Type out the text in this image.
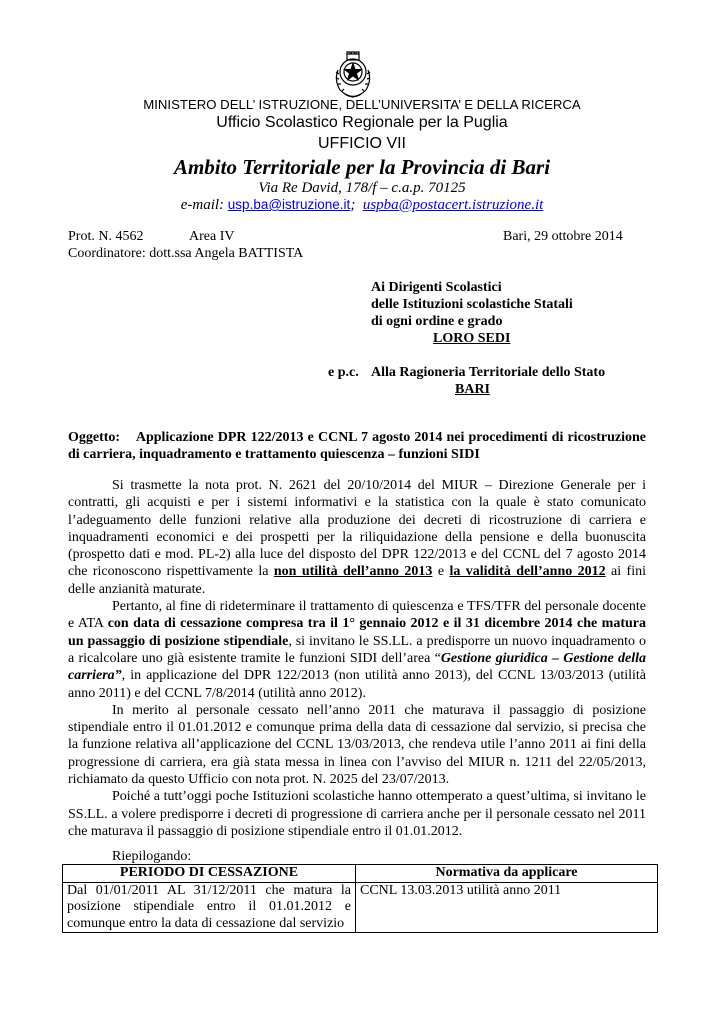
MINISTERO DELL’ ISTRUZIONE, DELL’UNIVERSITA’ E DELLA RICERCA
Ufficio Scolastico Regionale per la Puglia
UFFICIO VII
Ambito Territoriale per la Provincia di Bari
Via Re David, 178/f – c.a.p. 70125
e-mail: usp.ba@istruzione.it; uspba@postacert.istruzione.it
Prot. N. 4562	Area IV	Bari, 29 ottobre 2014
Coordinatore: dott.ssa Angela BATTISTA
Ai Dirigenti Scolastici
delle Istituzioni scolastiche Statali
di ogni ordine e grado
LORO SEDI
e p.c. Alla Ragioneria Territoriale dello Stato
BARI
Oggetto: Applicazione DPR 122/2013 e CCNL 7 agosto 2014 nei procedimenti di ricostruzione di carriera, inquadramento e trattamento quiescenza – funzioni SIDI

Si trasmette la nota prot. N. 2621 del 20/10/2014 del MIUR – Direzione Generale per i contratti, gli acquisti e per i sistemi informativi e la statistica con la quale è stato comunicato l’adeguamento delle funzioni relative alla produzione dei decreti di ricostruzione di carriera e inquadramenti economici e dei prospetti per la riliquidazione della pensione e della buonuscita (prospetto dati e mod. PL-2) alla luce del disposto del DPR 122/2013 e del CCNL del 7 agosto 2014 che riconoscono rispettivamente la non utilità dell’anno 2013 e la validità dell’anno 2012 ai fini delle anzianità maturate.

Pertanto, al fine di rideterminare il trattamento di quiescenza e TFS/TFR del personale docente e ATA con data di cessazione compresa tra il 1° gennaio 2012 e il 31 dicembre 2014 che matura un passaggio di posizione stipendiale, si invitano le SS.LL. a predisporre un nuovo inquadramento o a ricalcolare uno già esistente tramite le funzioni SIDI dell’area “Gestione giuridica – Gestione della carriera”, in applicazione del DPR 122/2013 (non utilità anno 2013), del CCNL 13/03/2013 (utilità anno 2011) e del CCNL 7/8/2014 (utilità anno 2012).

In merito al personale cessato nell’anno 2011 che maturava il passaggio di posizione stipendiale entro il 01.01.2012 e comunque prima della data di cessazione dal servizio, si precisa che la funzione relativa all’applicazione del CCNL 13/03/2013, che rendeva utile l’anno 2011 ai fini della progressione di carriera, era già stata messa in linea con l’avviso del MIUR n. 1211 del 22/05/2013, richiamato da questo Ufficio con nota prot. N. 2025 del 23/07/2013.

Poiché a tutt’oggi poche Istituzioni scolastiche hanno ottemperato a quest’ultima, si invitano le SS.LL. a volere predisporre i decreti di progressione di carriera anche per il personale cessato nel 2011 che maturava il passaggio di posizione stipendiale entro il 01.01.2012.

Riepilogando:
PERIODO DI CESSAZIONE	Normativa da applicare
Dal 01/01/2011 AL 31/12/2011 che matura la posizione stipendiale entro il 01.01.2012 e comunque entro la data di cessazione dal servizio	CCNL 13.03.2013 utilità anno 2011
